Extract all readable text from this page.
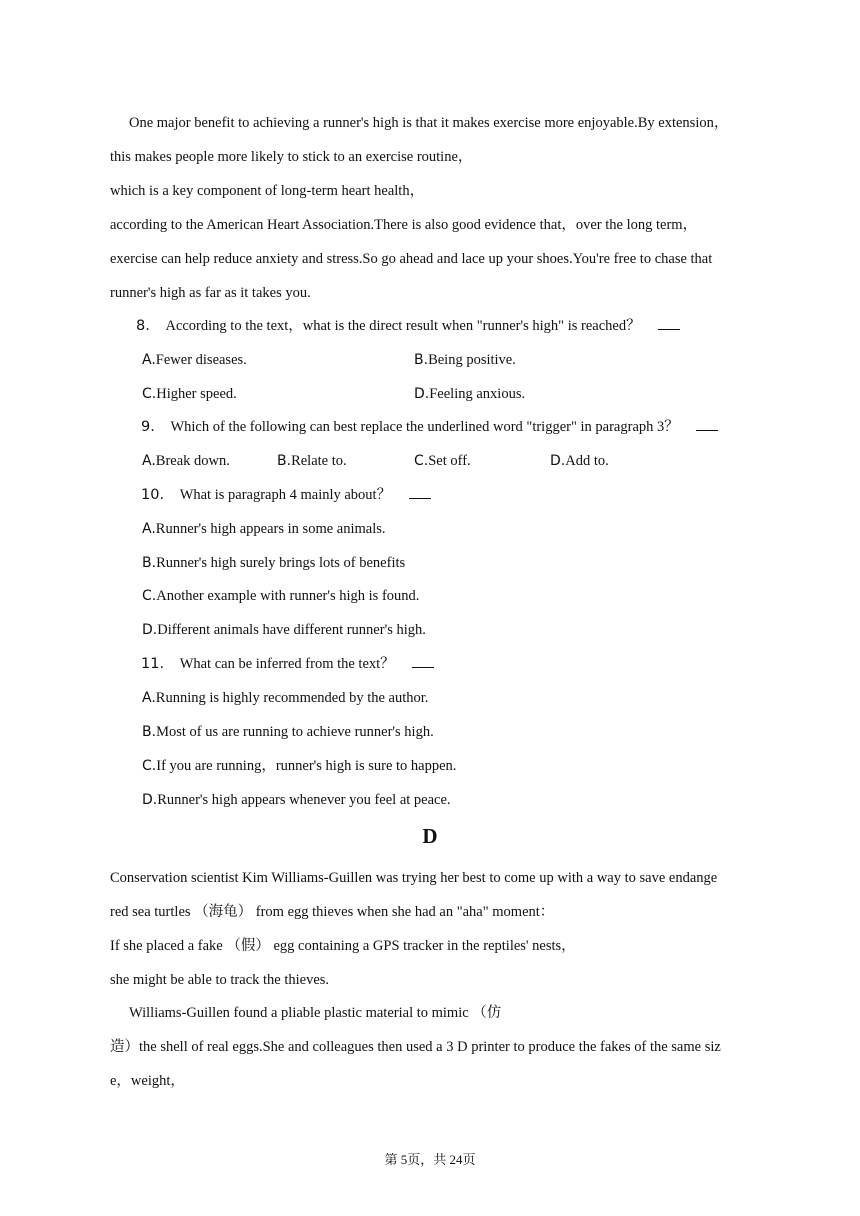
One major benefit to achieving a runner's high is that it makes exercise more enjoyable.By extension，
this makes people more likely to stick to an exercise routine，
which is a key component of long-term heart health，
according to the American Heart Association.There is also good evidence that，over the long term，
exercise can help reduce anxiety and stress.So go ahead and lace up your shoes.You're free to chase that
runner's high as far as it takes you.
8. According to the text，what is the direct result when "runner's high" is reached？
A.Fewer diseases.	B.Being positive.
C.Higher speed.	D.Feeling anxious.
9. Which of the following can best replace the underlined word "trigger" in paragraph 3？
A.Break down.	B.Relate to.	C.Set off.	D.Add to.
10. What is paragraph 4 mainly about？
A.Runner's high appears in some animals.
B.Runner's high surely brings lots of benefits
C.Another example with runner's high is found.
D.Different animals have different runner's high.
11. What can be inferred from the text？
A.Running is highly recommended by the author.
B.Most of us are running to achieve runner's high.
C.If you are running，runner's high is sure to happen.
D.Runner's high appears whenever you feel at peace.
D
Conservation scientist Kim Williams-Guillen was trying her best to come up with a way to save endange
red sea turtles （海龟） from egg thieves when she had an "aha" moment：
If she placed a fake （假） egg containing a GPS tracker in the reptiles' nests，
she might be able to track the thieves.
Williams-Guillen found a pliable plastic material to mimic （仿
造）the shell of real eggs.She and colleagues then used a 3 D printer to produce the fakes of the same siz
e，weight，
第 5页，共 24页
